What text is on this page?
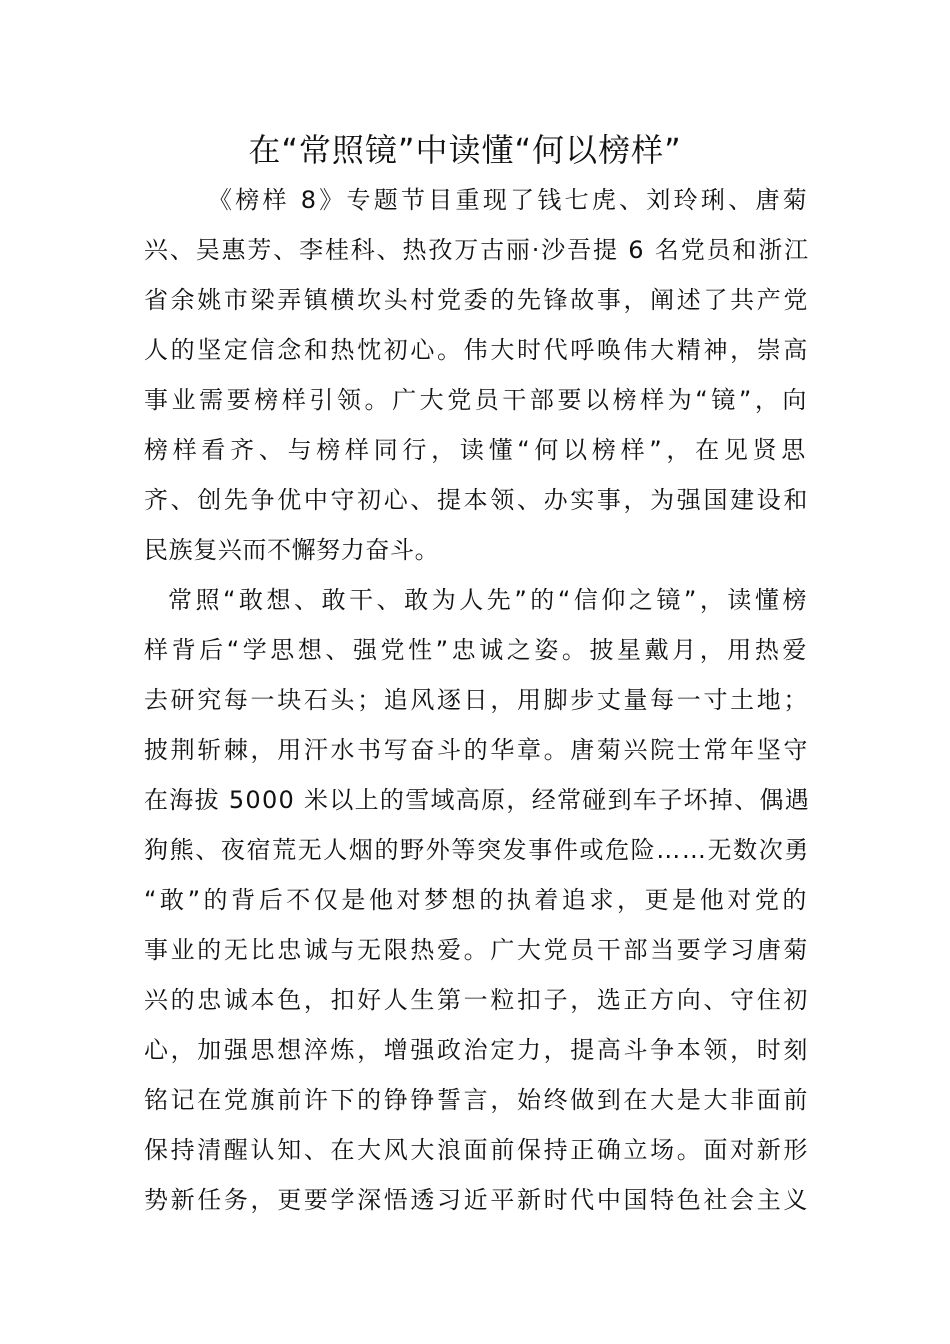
在“常照镜”中读懂“何以榜样”

《榜样 8》专题节目重现了钱七虎、刘玲琍、唐菊

兴、吴惠芳、李桂科、热孜万古丽·沙吾提 6 名党员和浙江

省余姚市梁弄镇横坎头村党委的先锋故事，阐述了共产党

人的坚定信念和热忱初心。伟大时代呼唤伟大精神，崇高

事业需要榜样引领。广大党员干部要以榜样为“镜”，向

榜样看齐、与榜样同行，读懂“何以榜样”，在见贤思

齐、创先争优中守初心、提本领、办实事，为强国建设和

民族复兴而不懈努力奋斗。

常照“敢想、敢干、敢为人先”的“信仰之镜”，读懂榜

样背后“学思想、强党性”忠诚之姿。披星戴月，用热爱

去研究每一块石头；追风逐日，用脚步丈量每一寸土地；

披荆斩棘，用汗水书写奋斗的华章。唐菊兴院士常年坚守

在海拔 5000 米以上的雪域高原，经常碰到车子坏掉、偶遇

狗熊、夜宿荒无人烟的野外等突发事件或危险……无数次勇

“敢”的背后不仅是他对梦想的执着追求，更是他对党的

事业的无比忠诚与无限热爱。广大党员干部当要学习唐菊

兴的忠诚本色，扣好人生第一粒扣子，选正方向、守住初

心，加强思想淬炼，增强政治定力，提高斗争本领，时刻

铭记在党旗前许下的铮铮誓言，始终做到在大是大非面前

保持清醒认知、在大风大浪面前保持正确立场。面对新形

势新任务，更要学深悟透习近平新时代中国特色社会主义
